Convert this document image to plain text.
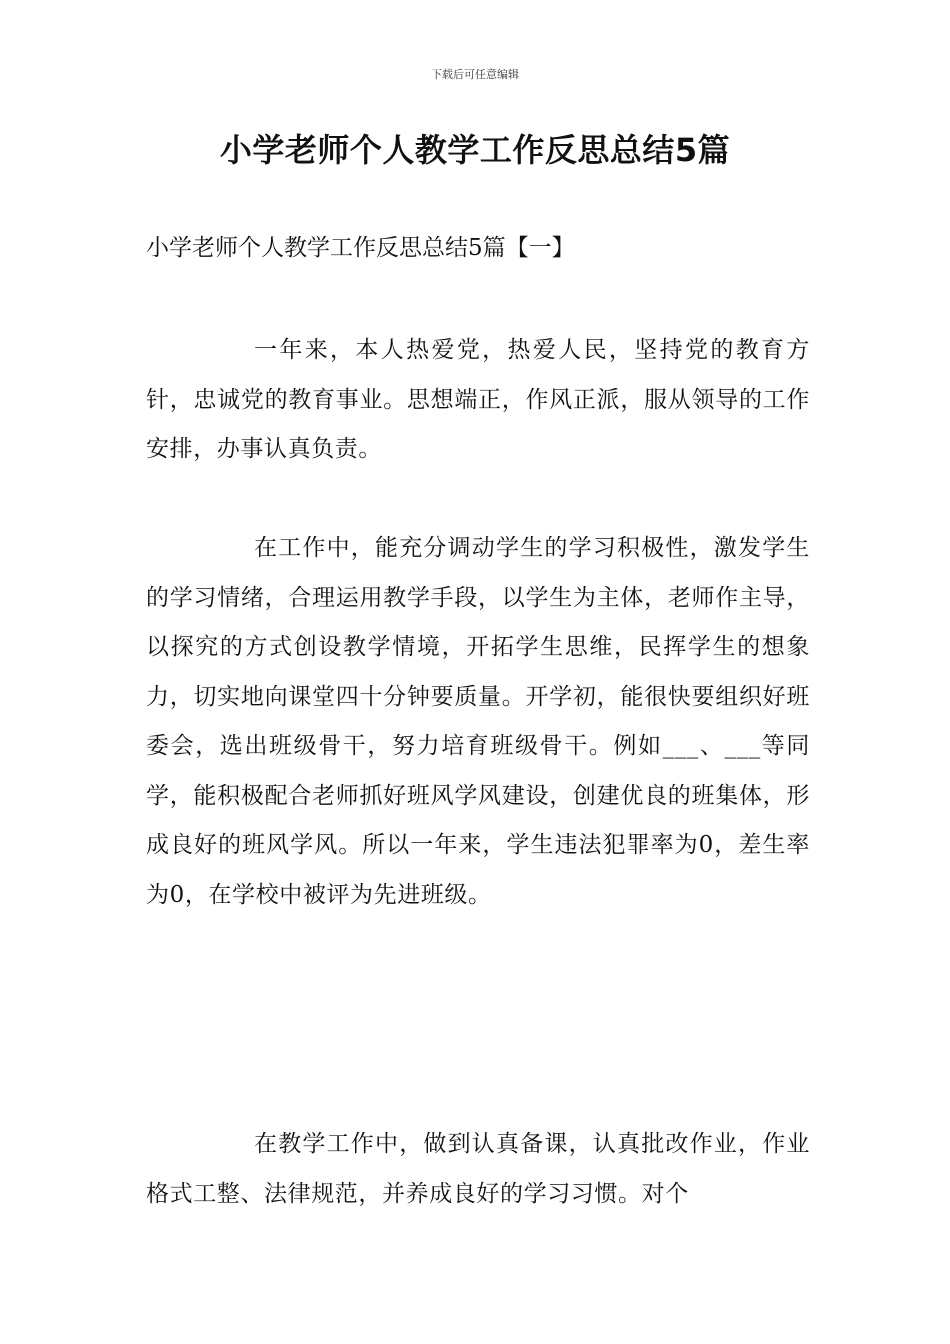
下载后可任意编辑
小学老师个人教学工作反思总结5篇
小学老师个人教学工作反思总结5篇【一】

一年来，本人热爱党，热爱人民，坚持党的教育方针，忠诚党的教育事业。思想端正，作风正派，服从领导的工作安排，办事认真负责。

在工作中，能充分调动学生的学习积极性，激发学生的学习情绪，合理运用教学手段，以学生为主体，老师作主导，以探究的方式创设教学情境，开拓学生思维，民挥学生的想象力，切实地向课堂四十分钟要质量。开学初，能很快要组织好班委会，选出班级骨干，努力培育班级骨干。例如___、___等同学，能积极配合老师抓好班风学风建设，创建优良的班集体，形成良好的班风学风。所以一年来，学生违法犯罪率为0，差生率为0，在学校中被评为先进班级。

在教学工作中，做到认真备课，认真批改作业，作业格式工整、法律规范，并养成良好的学习习惯。对个
